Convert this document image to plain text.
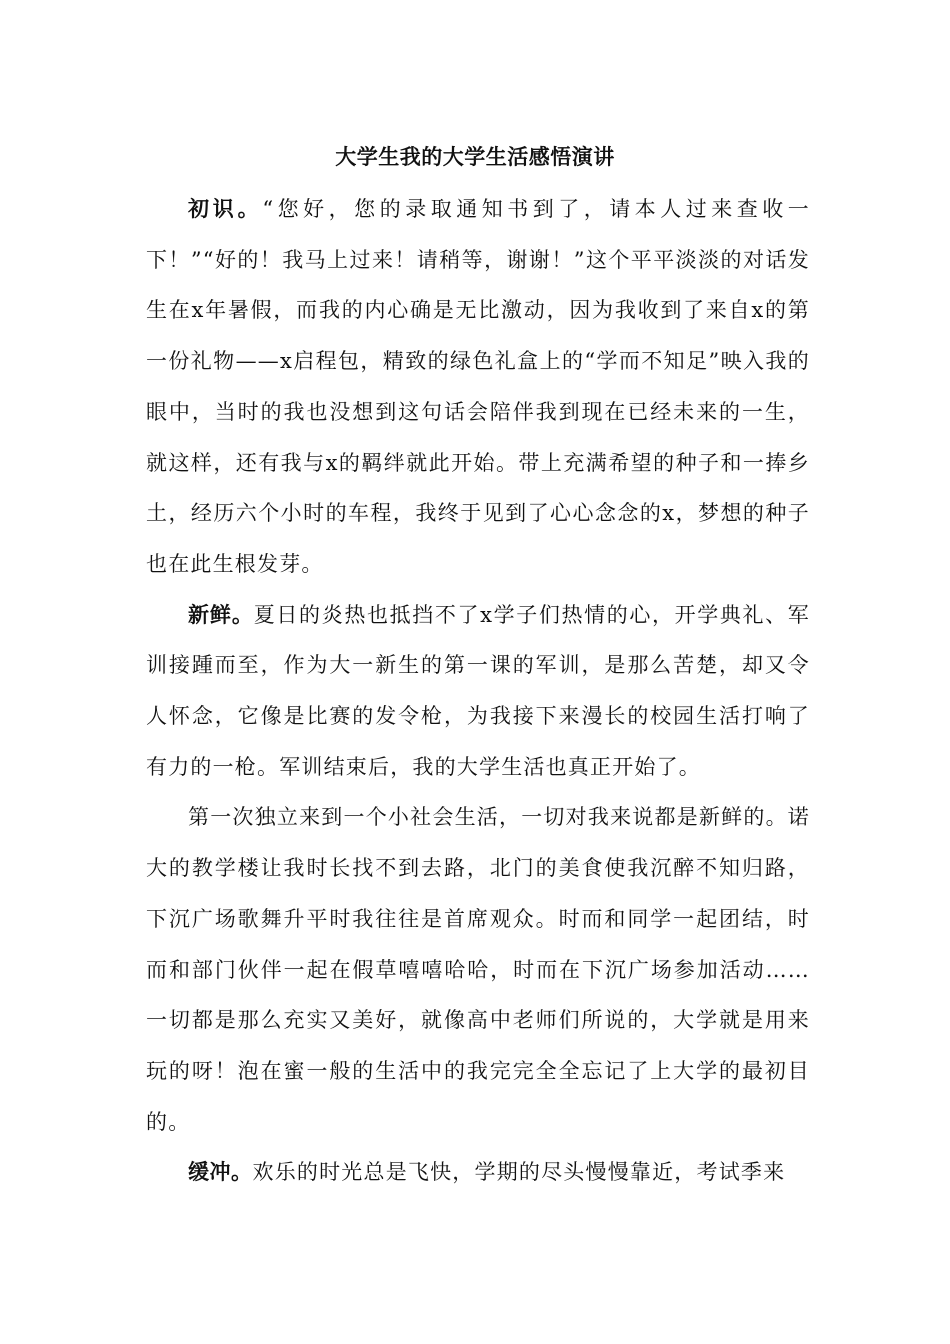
大学生我的大学生活感悟演讲

初识。“您好，您的录取通知书到了，请本人过来查收一下！”“好的！我马上过来！请稍等，谢谢！”这个平平淡淡的对话发生在x年暑假，而我的内心确是无比激动，因为我收到了来自x的第一份礼物——x启程包，精致的绿色礼盒上的“学而不知足”映入我的眼中，当时的我也没想到这句话会陪伴我到现在已经未来的一生，就这样，还有我与x的羁绊就此开始。带上充满希望的种子和一捧乡土，经历六个小时的车程，我终于见到了心心念念的x，梦想的种子也在此生根发芽。

新鲜。夏日的炎热也抵挡不了x学子们热情的心，开学典礼、军训接踵而至，作为大一新生的第一课的军训，是那么苦楚，却又令人怀念，它像是比赛的发令枪，为我接下来漫长的校园生活打响了有力的一枪。军训结束后，我的大学生活也真正开始了。

第一次独立来到一个小社会生活，一切对我来说都是新鲜的。诺大的教学楼让我时长找不到去路，北门的美食使我沉醉不知归路，下沉广场歌舞升平时我往往是首席观众。时而和同学一起团结，时而和部门伙伴一起在假草嘻嘻哈哈，时而在下沉广场参加活动……一切都是那么充实又美好，就像高中老师们所说的，大学就是用来玩的呀！泡在蜜一般的生活中的我完完全全忘记了上大学的最初目的。

缓冲。欢乐的时光总是飞快，学期的尽头慢慢靠近，考试季来
